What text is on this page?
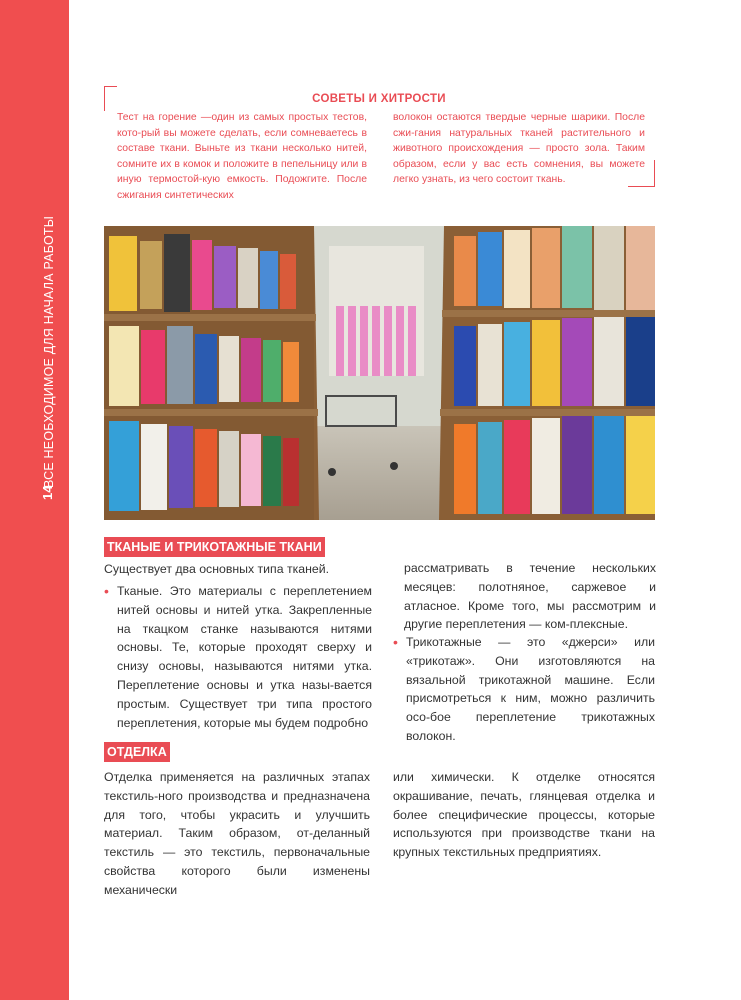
ВСЕ НЕОБХОДИМОЕ ДЛЯ НАЧАЛА РАБОТЫ
14
СОВЕТЫ И ХИТРОСТИ
Тест на горение —один из самых простых тестов, кото-рый вы можете сделать, если сомневаетесь в составе ткани. Выньте из ткани несколько нитей, сомните их в комок и положите в пепельницу или в иную термостой-кую емкость. Подожгите. После сжигания синтетических
волокон остаются твердые черные шарики. После сжи-гания натуральных тканей растительного и животного происхождения — просто зола. Таким образом, если у вас есть сомнения, вы можете легко узнать, из чего состоит ткань.
ТКАНЫЕ И ТРИКОТАЖНЫЕ ТКАНИ
Существует два основных типа тканей.
• Тканые. Это материалы с переплетением нитей основы и нитей утка. Закрепленные на ткацком станке называются нитями основы. Те, которые проходят сверху и снизу основы, называются нитями утка. Переплетение основы и утка назы-вается простым. Существует три типа простого переплетения, которые мы будем подробно
рассматривать в течение нескольких месяцев: полотняное, саржевое и атласное. Кроме того, мы рассмотрим и другие переплетения — ком-плексные.
• Трикотажные — это «джерси» или «трикотаж». Они изготовляются на вязальной трикотажной машине. Если присмотреться к ним, можно различить осо-бое переплетение трикотажных волокон.
ОТДЕЛКА
Отделка применяется на различных этапах текстиль-ного производства и предназначена для того, чтобы украсить и улучшить материал. Таким образом, от-деланный текстиль — это текстиль, первоначальные свойства которого были изменены механически
или химически. К отделке относятся окрашивание, печать, глянцевая отделка и более специфические процессы, которые используются при производстве ткани на крупных текстильных предприятиях.
